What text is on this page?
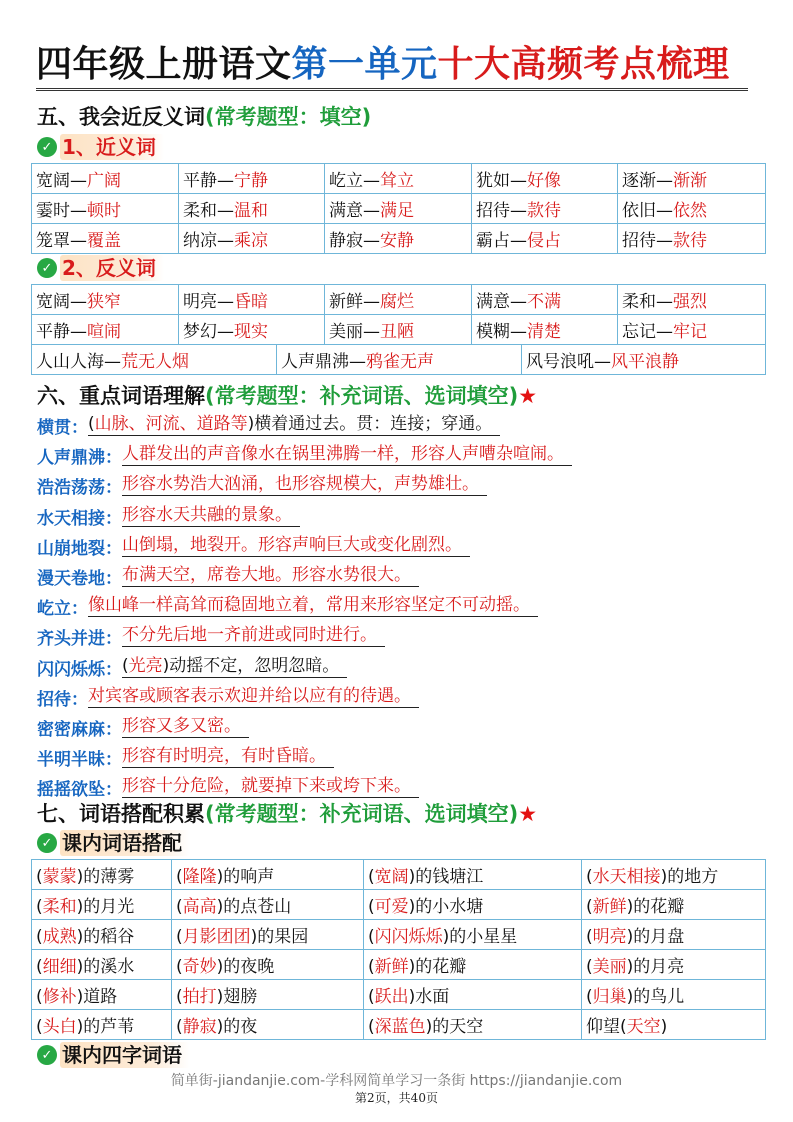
四年级上册语文第一单元十大高频考点梳理
五、我会近反义词(常考题型：填空)
✓ 1、近义词
宽阔—广阔	平静—宁静	屹立—耸立	犹如—好像	逐渐—渐渐
霎时—顿时	柔和—温和	满意—满足	招待—款待	依旧—依然
笼罩—覆盖	纳凉—乘凉	静寂—安静	霸占—侵占	招待—款待
✓ 2、反义词
宽阔—狭窄	明亮—昏暗	新鲜—腐烂	满意—不满	柔和—强烈
平静—喧闹	梦幻—现实	美丽—丑陋	模糊—清楚	忘记—牢记
人山人海—荒无人烟	人声鼎沸—鸦雀无声	风号浪吼—风平浪静
六、重点词语理解(常考题型：补充词语、选词填空)★
横贯： (山脉、河流、道路等)横着通过去。贯：连接；穿通。
人声鼎沸： 人群发出的声音像水在锅里沸腾一样，形容人声嘈杂喧闹。
浩浩荡荡： 形容水势浩大汹涌，也形容规模大，声势雄壮。
水天相接： 形容水天共融的景象。
山崩地裂： 山倒塌，地裂开。形容声响巨大或变化剧烈。
漫天卷地： 布满天空，席卷大地。形容水势很大。
屹立： 像山峰一样高耸而稳固地立着，常用来形容坚定不可动摇。
齐头并进： 不分先后地一齐前进或同时进行。
闪闪烁烁： (光亮)动摇不定，忽明忽暗。
招待： 对宾客或顾客表示欢迎并给以应有的待遇。
密密麻麻： 形容又多又密。
半明半昧： 形容有时明亮，有时昏暗。
摇摇欲坠： 形容十分危险，就要掉下来或垮下来。
七、词语搭配积累(常考题型：补充词语、选词填空)★
✓ 课内词语搭配
(蒙蒙)的薄雾	(隆隆)的响声	(宽阔)的钱塘江	(水天相接)的地方
(柔和)的月光	(高高)的点苍山	(可爱)的小水塘	(新鲜)的花瓣
(成熟)的稻谷	(月影团团)的果园	(闪闪烁烁)的小星星	(明亮)的月盘
(细细)的溪水	(奇妙)的夜晚	(新鲜)的花瓣	(美丽)的月亮
(修补)道路	(拍打)翅膀	(跃出)水面	(归巢)的鸟儿
(头白)的芦苇	(静寂)的夜	(深蓝色)的天空	仰望(天空)
✓ 课内四字词语
简单街-jiandanjie.com-学科网简单学习一条街 https://jiandanjie.com
第2页，共40页
